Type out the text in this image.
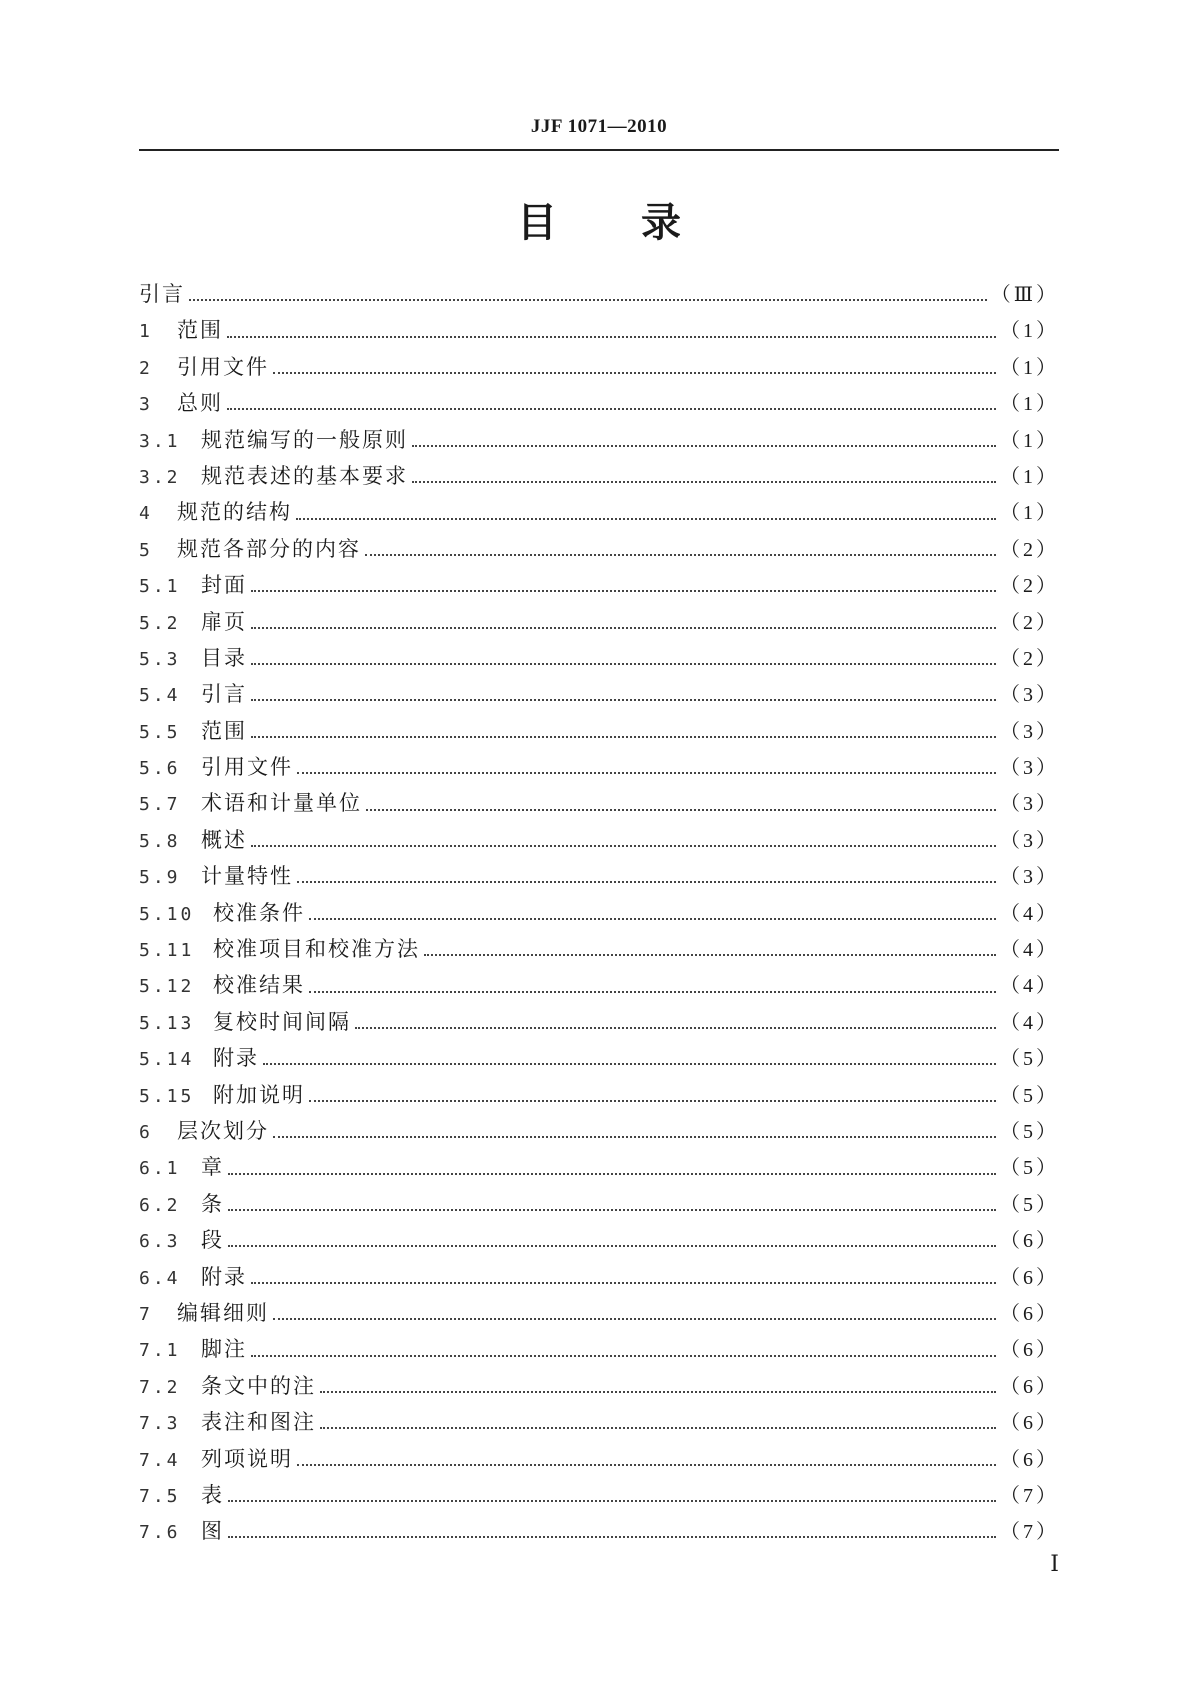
JJF 1071—2010
目录
引言	（Ⅲ）
1	范围	（1）
2	引用文件	（1）
3	总则	（1）
3.1 规范编写的一般原则	（1）
3.2 规范表述的基本要求	（1）
4	规范的结构	（1）
5	规范各部分的内容	（2）
5.1 封面	（2）
5.2 扉页	（2）
5.3 目录	（2）
5.4 引言	（3）
5.5 范围	（3）
5.6 引用文件	（3）
5.7 术语和计量单位	（3）
5.8 概述	（3）
5.9 计量特性	（3）
5.10 校准条件	（4）
5.11 校准项目和校准方法	（4）
5.12 校准结果	（4）
5.13 复校时间间隔	（4）
5.14 附录	（5）
5.15 附加说明	（5）
6	层次划分	（5）
6.1 章	（5）
6.2 条	（5）
6.3 段	（6）
6.4 附录	（6）
7	编辑细则	（6）
7.1 脚注	（6）
7.2 条文中的注	（6）
7.3 表注和图注	（6）
7.4 列项说明	（6）
7.5 表	（7）
7.6 图	（7）
Ⅰ
